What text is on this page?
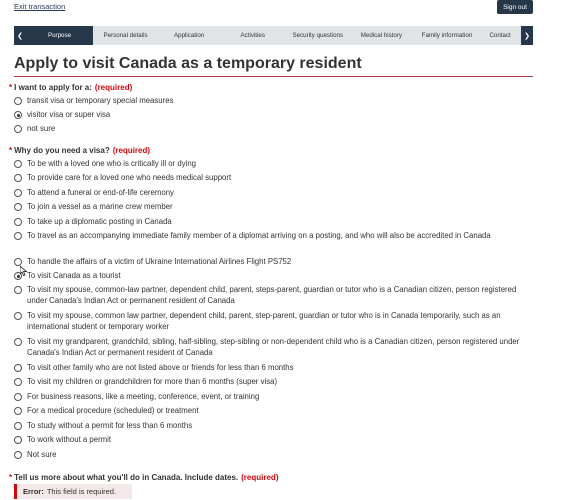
Exit transaction	Sign out
❮	Purpose	Personal details	Application	Activities	Security questions	Medical history	Family information	Contact	❯
Apply to visit Canada as a temporary resident
* I want to apply for a: (required)
transit visa or temporary special measures
visitor visa or super visa
not sure
* Why do you need a visa? (required)
To be with a loved one who is critically ill or dying
To provide care for a loved one who needs medical support
To attend a funeral or end-of-life ceremony
To join a vessel as a marine crew member
To take up a diplomatic posting in Canada
To travel as an accompanying immediate family member of a diplomat arriving on a posting, and who will also be accredited in Canada
To handle the affairs of a victim of Ukraine International Airlines Flight PS752
To visit Canada as a tourist
To visit my spouse, common-law partner, dependent child, parent, steps-parent, guardian or tutor who is a Canadian citizen, person registered under Canada's Indian Act or permanent resident of Canada
To visit my spouse, common law partner, dependent child, parent, step-parent, guardian or tutor who is in Canada temporarily, such as an international student or temporary worker
To visit my grandparent, grandchild, sibling, half-sibling, step-sibling or non-dependent child who is a Canadian citizen, person registered under Canada's Indian Act or permanent resident of Canada
To visit other family who are not listed above or friends for less than 6 months
To visit my children or grandchildren for more than 6 months (super visa)
For business reasons, like a meeting, conference, event, or training
For a medical procedure (scheduled) or treatment
To study without a permit for less than 6 months
To work without a permit
Not sure
* Tell us more about what you'll do in Canada. Include dates. (required)
Error: This field is required.
